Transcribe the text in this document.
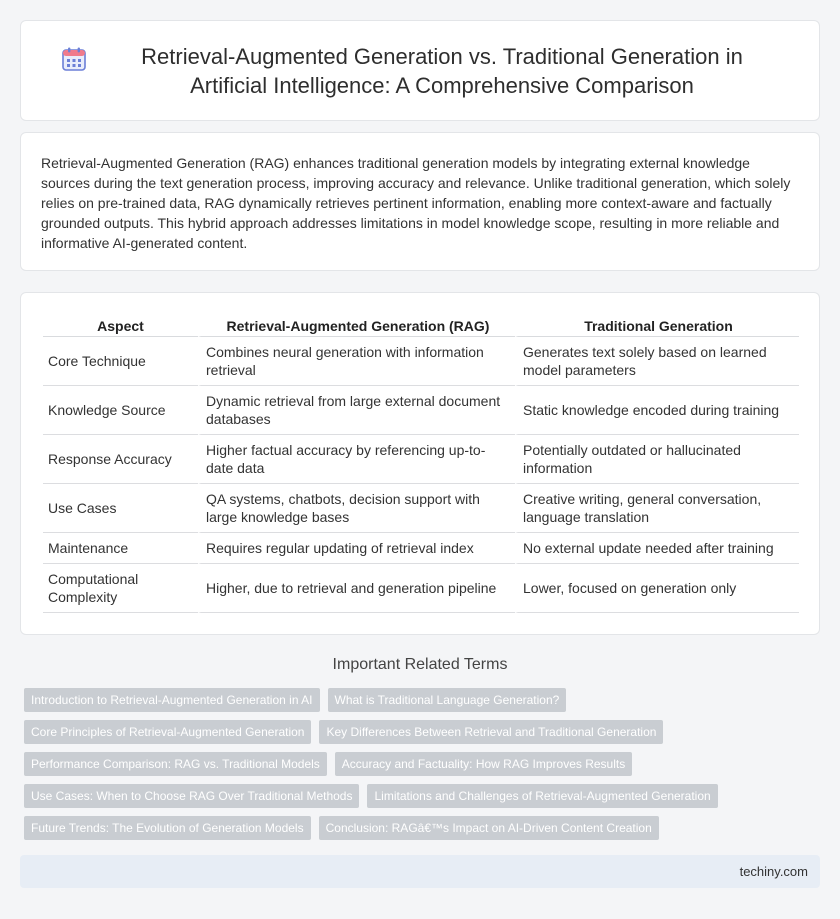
Retrieval-Augmented Generation vs. Traditional Generation in Artificial Intelligence: A Comprehensive Comparison

Retrieval-Augmented Generation (RAG) enhances traditional generation models by integrating external knowledge sources during the text generation process, improving accuracy and relevance. Unlike traditional generation, which solely relies on pre-trained data, RAG dynamically retrieves pertinent information, enabling more context-aware and factually grounded outputs. This hybrid approach addresses limitations in model knowledge scope, resulting in more reliable and informative AI-generated content.

Aspect	Retrieval-Augmented Generation (RAG)	Traditional Generation
Core Technique	Combines neural generation with information retrieval	Generates text solely based on learned model parameters
Knowledge Source	Dynamic retrieval from large external document databases	Static knowledge encoded during training
Response Accuracy	Higher factual accuracy by referencing up-to-date data	Potentially outdated or hallucinated information
Use Cases	QA systems, chatbots, decision support with large knowledge bases	Creative writing, general conversation, language translation
Maintenance	Requires regular updating of retrieval index	No external update needed after training
Computational Complexity	Higher, due to retrieval and generation pipeline	Lower, focused on generation only
Important Related Terms
Introduction to Retrieval-Augmented Generation in AI	What is Traditional Language Generation?
Core Principles of Retrieval-Augmented Generation	Key Differences Between Retrieval and Traditional Generation
Performance Comparison: RAG vs. Traditional Models	Accuracy and Factuality: How RAG Improves Results
Use Cases: When to Choose RAG Over Traditional Methods	Limitations and Challenges of Retrieval-Augmented Generation
Future Trends: The Evolution of Generation Models	Conclusion: RAGâ€™s Impact on AI-Driven Content Creation
techiny.com
